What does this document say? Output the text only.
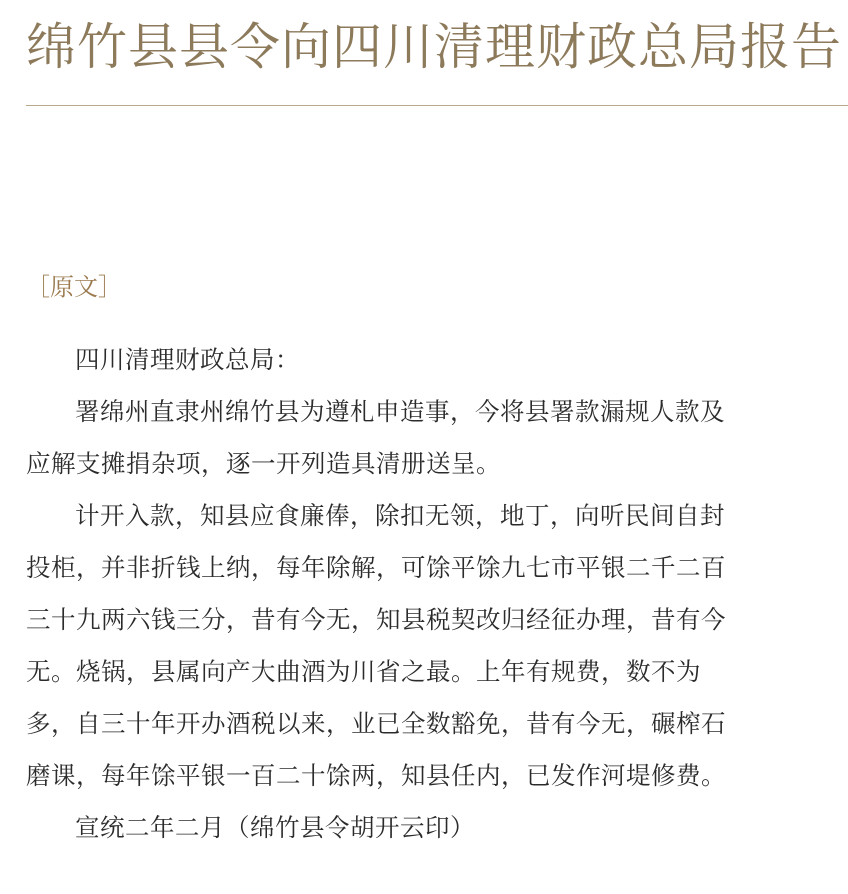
绵竹县县令向四川清理财政总局报告
［原文］

四川清理财政总局：

署绵州直隶州绵竹县为遵札申造事，今将县署款漏规人款及应解支摊捐杂项，逐一开列造具清册送呈。

计开入款，知县应食廉俸，除扣无领，地丁，向听民间自封投柜，并非折钱上纳，每年除解，可馀平馀九七市平银二千二百三十九两六钱三分，昔有今无，知县税契改归经征办理，昔有今无。烧锅，县属向产大曲酒为川省之最。上年有规费，数不为多，自三十年开办酒税以来，业已全数豁免，昔有今无，碾榨石磨课，每年馀平银一百二十馀两，知县任内，已发作河堤修费。

宣统二年二月（绵竹县令胡开云印）
